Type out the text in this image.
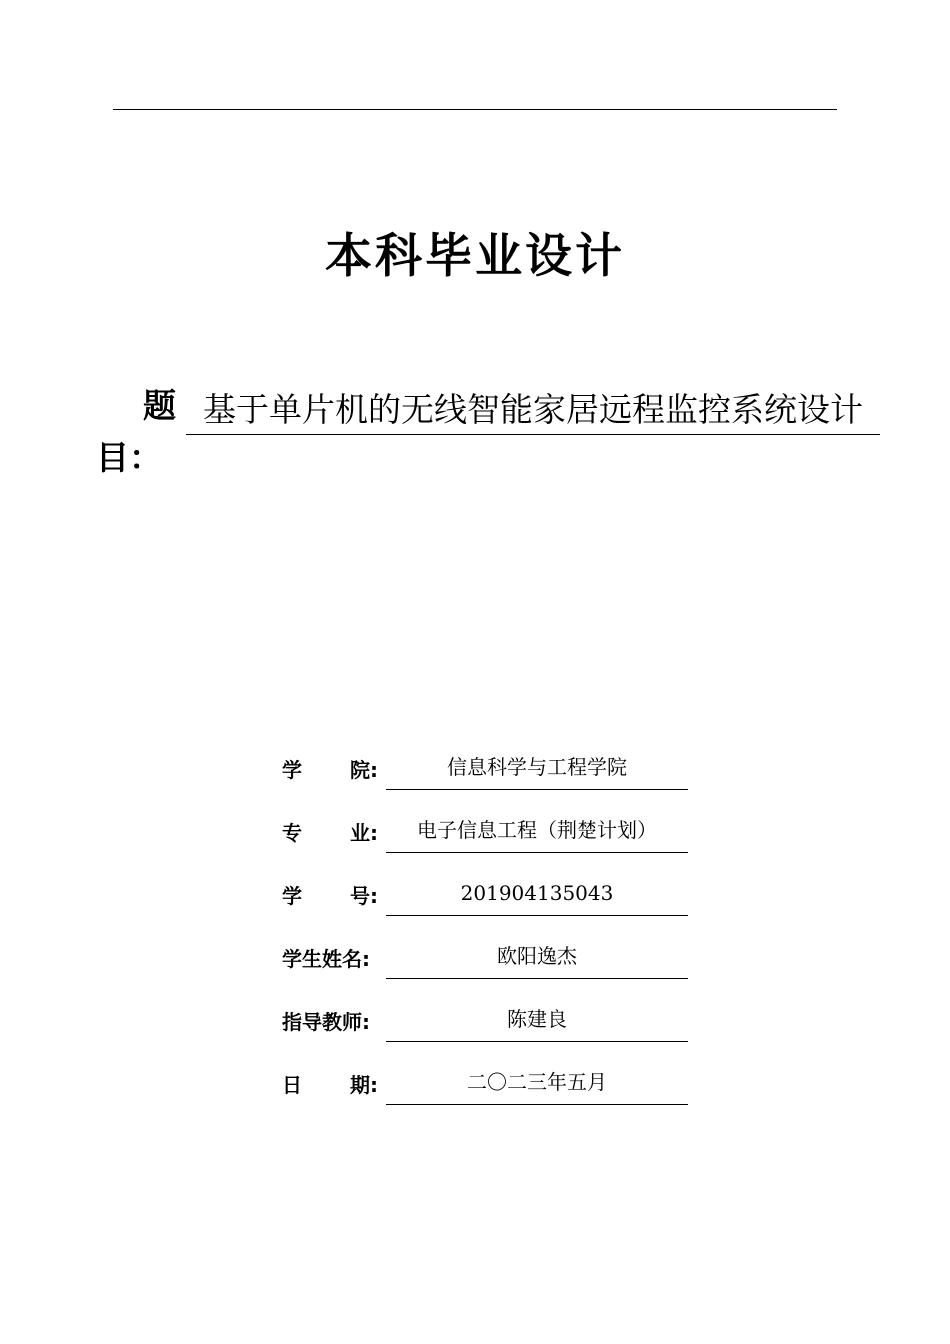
本科毕业设计
题
目：
基于单片机的无线智能家居远程监控系统设计
学 院:	信息科学与工程学院
专 业:	电子信息工程（荆楚计划）
学 号:	201904135043
学生姓名:	欧阳逸杰
指导教师:	陈建良
日 期:	二〇二三年五月
